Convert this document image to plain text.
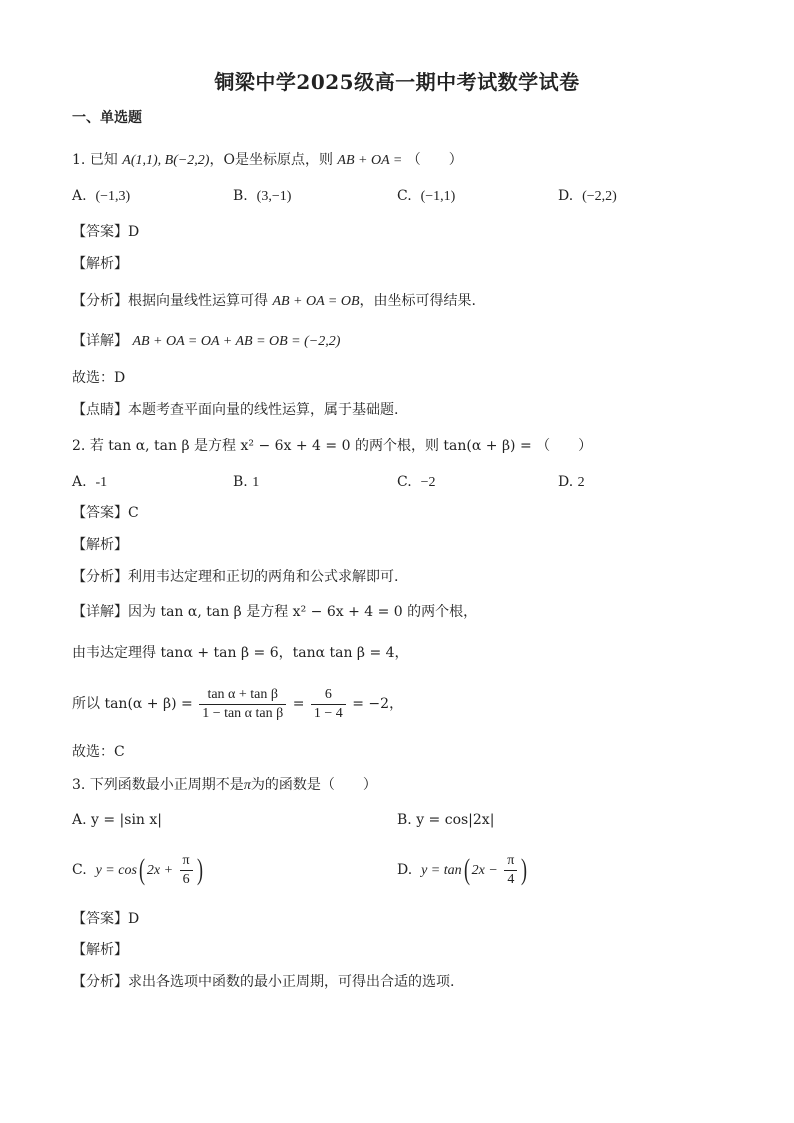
铜梁中学2025级高一期中考试数学试卷
一、单选题
1. 已知 A(1,1), B(−2,2)，O是坐标原点，则 AB + OA = （　　）
A. (−1,3)	B. (3,−1)	C. (−1,1)	D. (−2,2)
【答案】D
【解析】
【分析】根据向量线性运算可得 AB + OA = OB，由坐标可得结果.
【详解】 AB + OA = OA + AB = OB = (−2,2)
故选：D
【点睛】本题考查平面向量的线性运算，属于基础题.
2. 若 tan α, tan β 是方程 x² − 6x + 4 = 0 的两个根，则 tan(α + β) = （　　）
A. -1	B. 1	C. −2	D. 2
【答案】C
【解析】
【分析】利用韦达定理和正切的两角和公式求解即可.
【详解】因为 tan α, tan β 是方程 x² − 6x + 4 = 0 的两个根，
由韦达定理得 tanα + tan β = 6，tanα tan β = 4，
所以 $\tan(\alpha + \beta) = \frac{\text{tan α + tan β}}{\text{1 − tan α tan β}} = \frac{6}{1 - 4} = -2$，
故选：C
3. 下列函数最小正周期不是π为的函数是（　　）
A. y = |sin x|	B. y = cos|2x|
C. y = cos( $2x + \frac{\pi}{6}$ )	D. y = tan( $2x - \frac{\pi}{4}$ )
【答案】D
【解析】
【分析】求出各选项中函数的最小正周期，可得出合适的选项.
